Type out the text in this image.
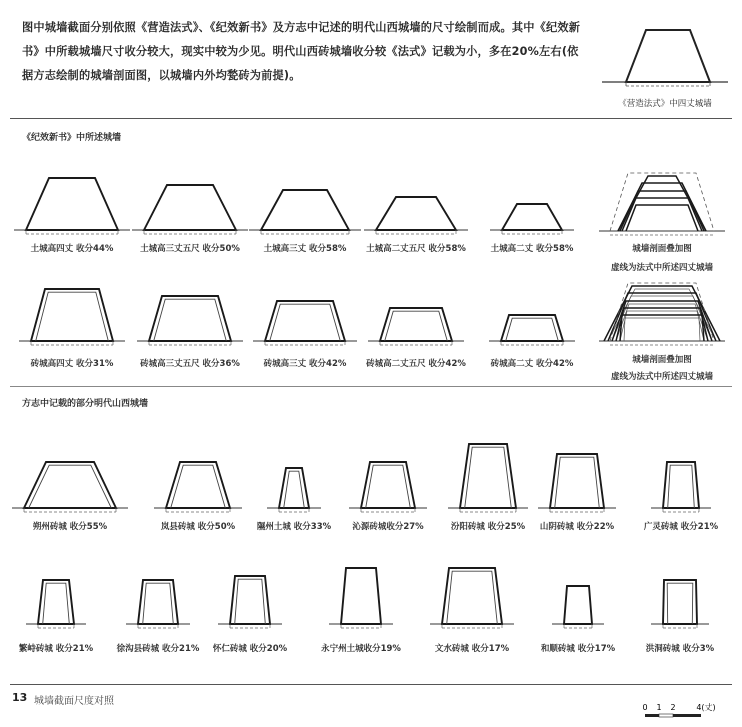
图中城墙截面分别依照《营造法式》、《纪效新书》及方志中记述的明代山西城墙的尺寸绘制而成。其中《纪效新书》中所载城墙尺寸收分较大，现实中较为少见。明代山西砖城墙收分较《法式》记载为小，多在20%左右(依据方志绘制的城墙剖面图，以城墙内外均甃砖为前提)。
《营造法式》中四丈城墙
《纪效新书》中所述城墙
土城高四丈 收分44%	土城高三丈五尺 收分50%	土城高三丈 收分58% 土城高二丈五尺 收分58%	土城高二丈 收分58%	城墙剖面叠加图
虚线为法式中所述四丈城墙
砖城高四丈 收分31%	砖城高三丈五尺 收分36%	砖城高三丈 收分42% 砖城高二丈五尺 收分42%	砖城高二丈 收分42%	城墙剖面叠加图
虚线为法式中所述四丈城墙
朔州砖城 收分55%	岚县砖城 收分50%	隰州土城 收分33% 沁源砖城收分27%	汾阳砖城 收分25% 山阴砖城 收分22%	广灵砖城 收分21%
繁峙砖城 收分21%	徐沟县砖城 收分21% 怀仁砖城 收分20%	永宁州土城收分19%	文水砖城 收分17%	和顺砖城 收分17%	洪洞砖城 收分3%
方志中记载的部分明代山西城墙
13 城墙截面尺度对照
0 1 2	4(丈)
